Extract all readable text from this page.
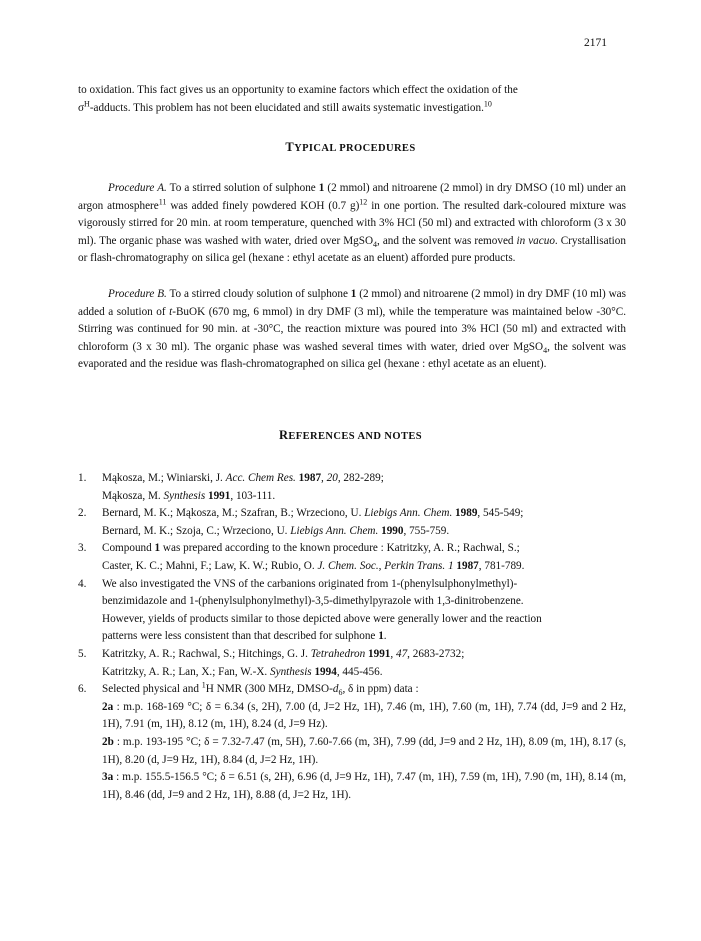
2171

to oxidation. This fact gives us an opportunity to examine factors which effect the oxidation of the
$\sigma^H$-adducts. This problem has not been elucidated and still awaits systematic investigation.$^{10}$

TYPICAL PROCEDURES

Procedure A. To a stirred solution of sulphone 1 (2 mmol) and nitroarene (2 mmol) in dry DMSO (10 ml) under an argon atmosphere$^{11}$ was added finely powdered KOH (0.7 g)$^{12}$ in one portion. The resulted dark-coloured mixture was vigorously stirred for 20 min. at room temperature, quenched with 3% HCl (50 ml) and extracted with chloroform (3 x 30 ml). The organic phase was washed with water, dried over MgSO$_4$, and the solvent was removed in vacuo. Crystallisation or flash-chromatography on silica gel (hexane : ethyl acetate as an eluent) afforded pure products.

Procedure B. To a stirred cloudy solution of sulphone 1 (2 mmol) and nitroarene (2 mmol) in dry DMF (10 ml) was added a solution of t-BuOK (670 mg, 6 mmol) in dry DMF (3 ml), while the temperature was maintained below -30°C. Stirring was continued for 90 min. at -30°C, the reaction mixture was poured into 3% HCl (50 ml) and extracted with chloroform (3 x 30 ml). The organic phase was washed several times with water, dried over MgSO$_4$, the solvent was evaporated and the residue was flash-chromatographed on silica gel (hexane : ethyl acetate as an eluent).

REFERENCES AND NOTES
1. Mąkosza, M.; Winiarski, J. Acc. Chem Res. 1987, 20, 282-289;
Mąkosza, M. Synthesis 1991, 103-111.
2. Bernard, M. K.; Mąkosza, M.; Szafran, B.; Wrzeciono, U. Liebigs Ann. Chem. 1989, 545-549;
Bernard, M. K.; Szoja, C.; Wrzeciono, U. Liebigs Ann. Chem. 1990, 755-759.
3. Compound 1 was prepared according to the known procedure : Katritzky, A. R.; Rachwal, S.;
Caster, K. C.; Mahni, F.; Law, K. W.; Rubio, O. J. Chem. Soc., Perkin Trans. 1 1987, 781-789.
4. We also investigated the VNS of the carbanions originated from 1-(phenylsulphonylmethyl)-
benzimidazole and 1-(phenylsulphonylmethyl)-3,5-dimethylpyrazole with 1,3-dinitrobenzene.
However, yields of products similar to those depicted above were generally lower and the reaction
patterns were less consistent than that described for sulphone 1.
5. Katritzky, A. R.; Rachwal, S.; Hitchings, G. J. Tetrahedron 1991, 47, 2683-2732;
Katritzky, A. R.; Lan, X.; Fan, W.-X. Synthesis 1994, 445-456.
6. Selected physical and $^1$H NMR (300 MHz, DMSO-$d_6$, δ in ppm) data :
2a : m.p. 168-169 °C; δ = 6.34 (s, 2H), 7.00 (d, J=2 Hz, 1H), 7.46 (m, 1H), 7.60 (m, 1H), 7.74 (dd, J=9 and 2 Hz, 1H), 7.91 (m, 1H), 8.12 (m, 1H), 8.24 (d, J=9 Hz).
2b : m.p. 193-195 °C; δ = 7.32-7.47 (m, 5H), 7.60-7.66 (m, 3H), 7.99 (dd, J=9 and 2 Hz, 1H), 8.09 (m, 1H), 8.17 (s, 1H), 8.20 (d, J=9 Hz, 1H), 8.84 (d, J=2 Hz, 1H).
3a : m.p. 155.5-156.5 °C; δ = 6.51 (s, 2H), 6.96 (d, J=9 Hz, 1H), 7.47 (m, 1H), 7.59 (m, 1H), 7.90 (m, 1H), 8.14 (m, 1H), 8.46 (dd, J=9 and 2 Hz, 1H), 8.88 (d, J=2 Hz, 1H).
